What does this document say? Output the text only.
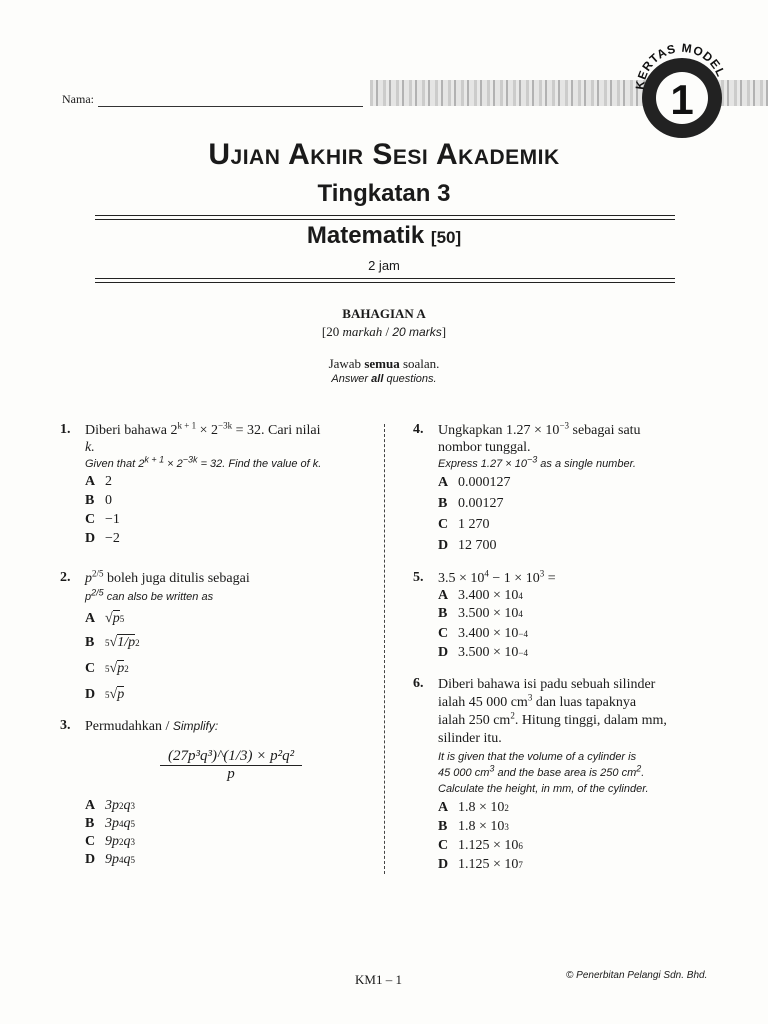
Nama:
KERTAS MODEL
1
Ujian Akhir Sesi Akademik
Tingkatan 3
Matematik [50]
2 jam
BAHAGIAN A
[20 markah / 20 marks]
Jawab semua soalan.
Answer all questions.
1. Diberi bahawa $2^{k + 1} \times 2^{-3k} = 32$. Cari nilai
k.
Given that $2^{k + 1} \times 2^{-3k} = 32$. Find the value of k.
A 2
B 0
C −1
D −2
2. $p^{2/5}$ boleh juga ditulis sebagai
$p^{2/5}$ can also be written as
A √ p 5
B	5 √ 1/p 2
C	5 √ p 2
D	5 √ p
3. Permudahkan / Simplify:
$\frac{\text{(27p³q³)\textasciicircum{}(1/3) × p²q²}}{p}$
A 3p 2 q 3
B 3p 4 q 5
C 9p 2 q 3
D 9p 4 q 5
4. Ungkapkan $1.27 \times 10^{-3}$ sebagai satu
nombor tunggal.
Express $1.27 \times 10^{-3}$ as a single number.
A 0.000127
B 0.00127
C 1 270
D 12 700
5. $3.5 \times 10^4 - 1 \times 10^3$ =
A 3.400 × 10 4
B 3.500 × 10 4
C 3.400 × 10 −4
D 3.500 × 10 −4
6. Diberi bahawa isi padu sebuah silinder
ialah 45 000 $cm^3$ dan luas tapaknya
ialah 250 $cm^2$. Hitung tinggi, dalam mm,
silinder itu.
It is given that the volume of a cylinder is
45 000 $cm^3$ and the base area is 250 $cm^2$.
Calculate the height, in mm, of the cylinder.
A 1.8 × 10 2
B 1.8 × 10 3
C 1.125 × 10 6
D 1.125 × 10 7
KM1 – 1	© Penerbitan Pelangi Sdn. Bhd.
